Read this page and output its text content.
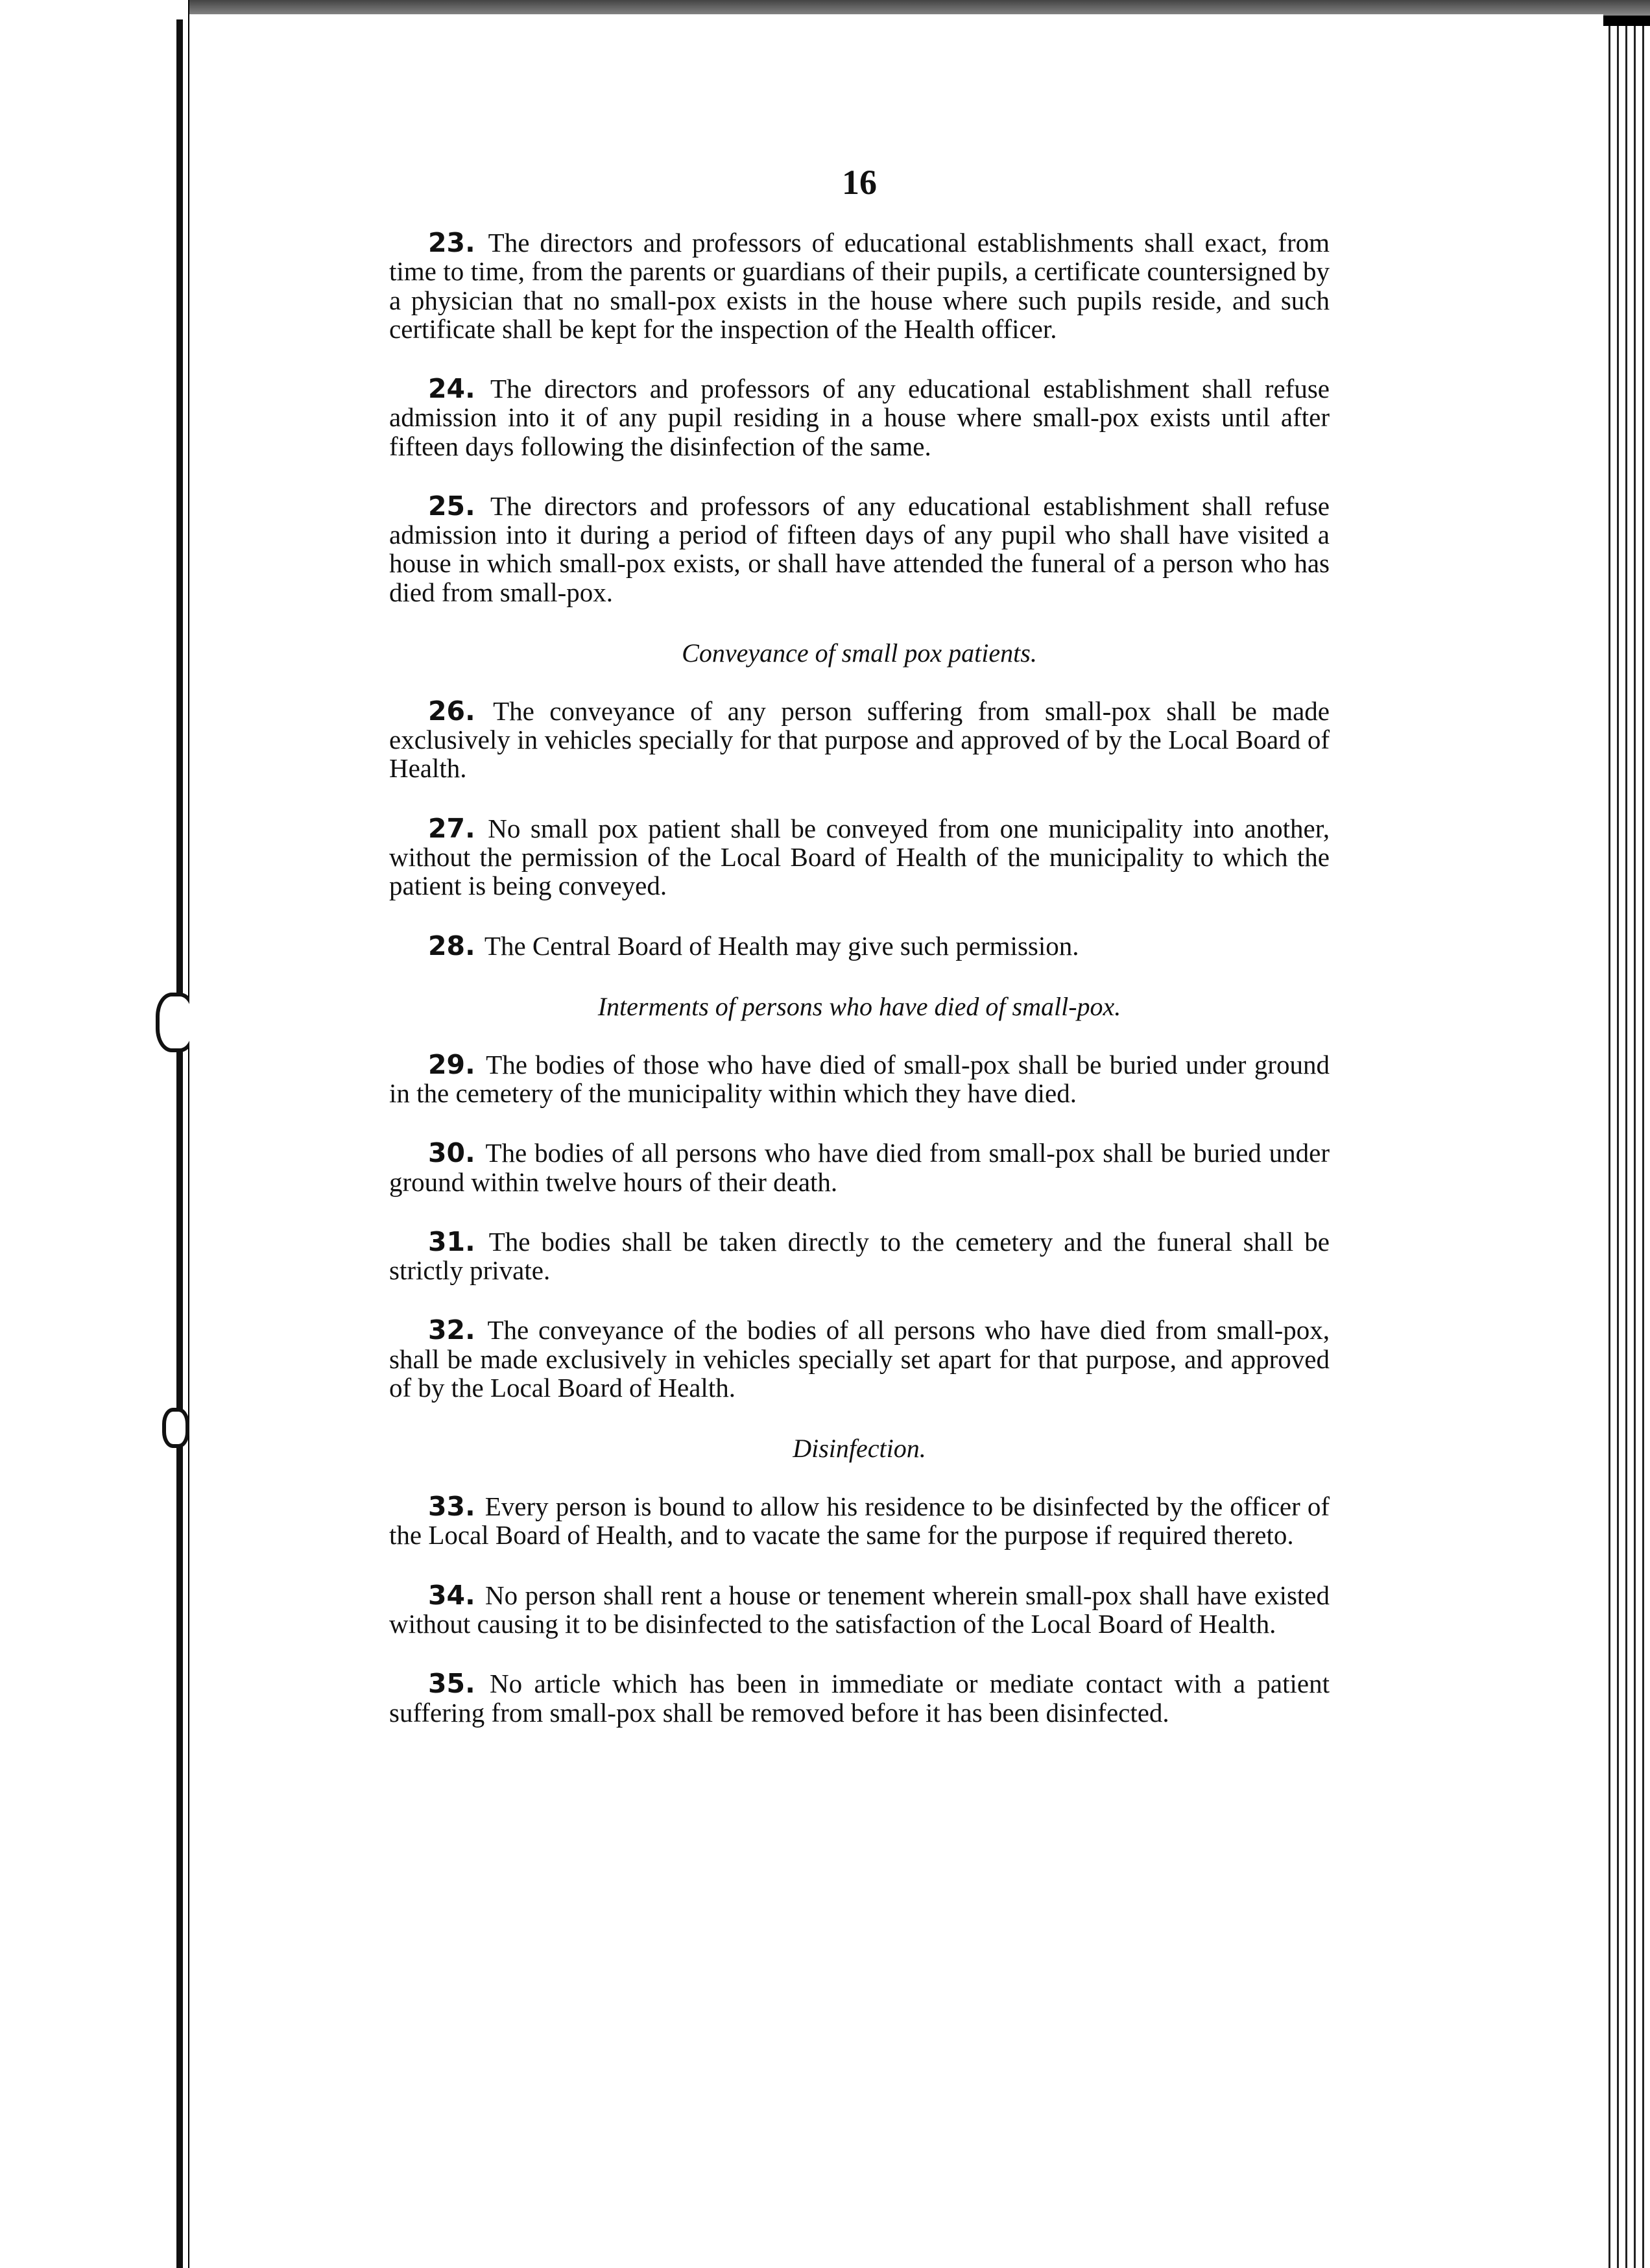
16

23 . The directors and professors of educational establishments shall exact, from time to time, from the parents or guardians of their pupils, a certificate countersigned by a physician that no small-pox exists in the house where such pupils reside, and such certificate shall be kept for the inspection of the Health officer.

24 . The directors and professors of any educational establishment shall refuse admission into it of any pupil residing in a house where small-pox exists until after fifteen days following the disinfection of the same.

25 . The directors and professors of any educational establishment shall refuse admission into it during a period of fifteen days of any pupil who shall have visited a house in which small-pox exists, or shall have attended the funeral of a person who has died from small-pox.

Conveyance of small pox patients.

26 . The conveyance of any person suffering from small-pox shall be made exclusively in vehicles specially for that purpose and approved of by the Local Board of Health.

27 . No small pox patient shall be conveyed from one municipality into another, without the permission of the Local Board of Health of the municipality to which the patient is being conveyed.

28 . The Central Board of Health may give such permission.

Interments of persons who have died of small-pox.

29 . The bodies of those who have died of small-pox shall be buried under ground in the cemetery of the municipality within which they have died.

30 . The bodies of all persons who have died from small-pox shall be buried under ground within twelve hours of their death.

31 . The bodies shall be taken directly to the cemetery and the funeral shall be strictly private.

32 . The conveyance of the bodies of all persons who have died from small-pox, shall be made exclusively in vehicles specially set apart for that purpose, and approved of by the Local Board of Health.

Disinfection.

33 . Every person is bound to allow his residence to be disinfected by the officer of the Local Board of Health, and to vacate the same for the purpose if required thereto.

34 . No person shall rent a house or tenement wherein small-pox shall have existed without causing it to be disinfected to the satisfaction of the Local Board of Health.

35 . No article which has been in immediate or mediate contact with a patient suffering from small-pox shall be removed before it has been disinfected.
